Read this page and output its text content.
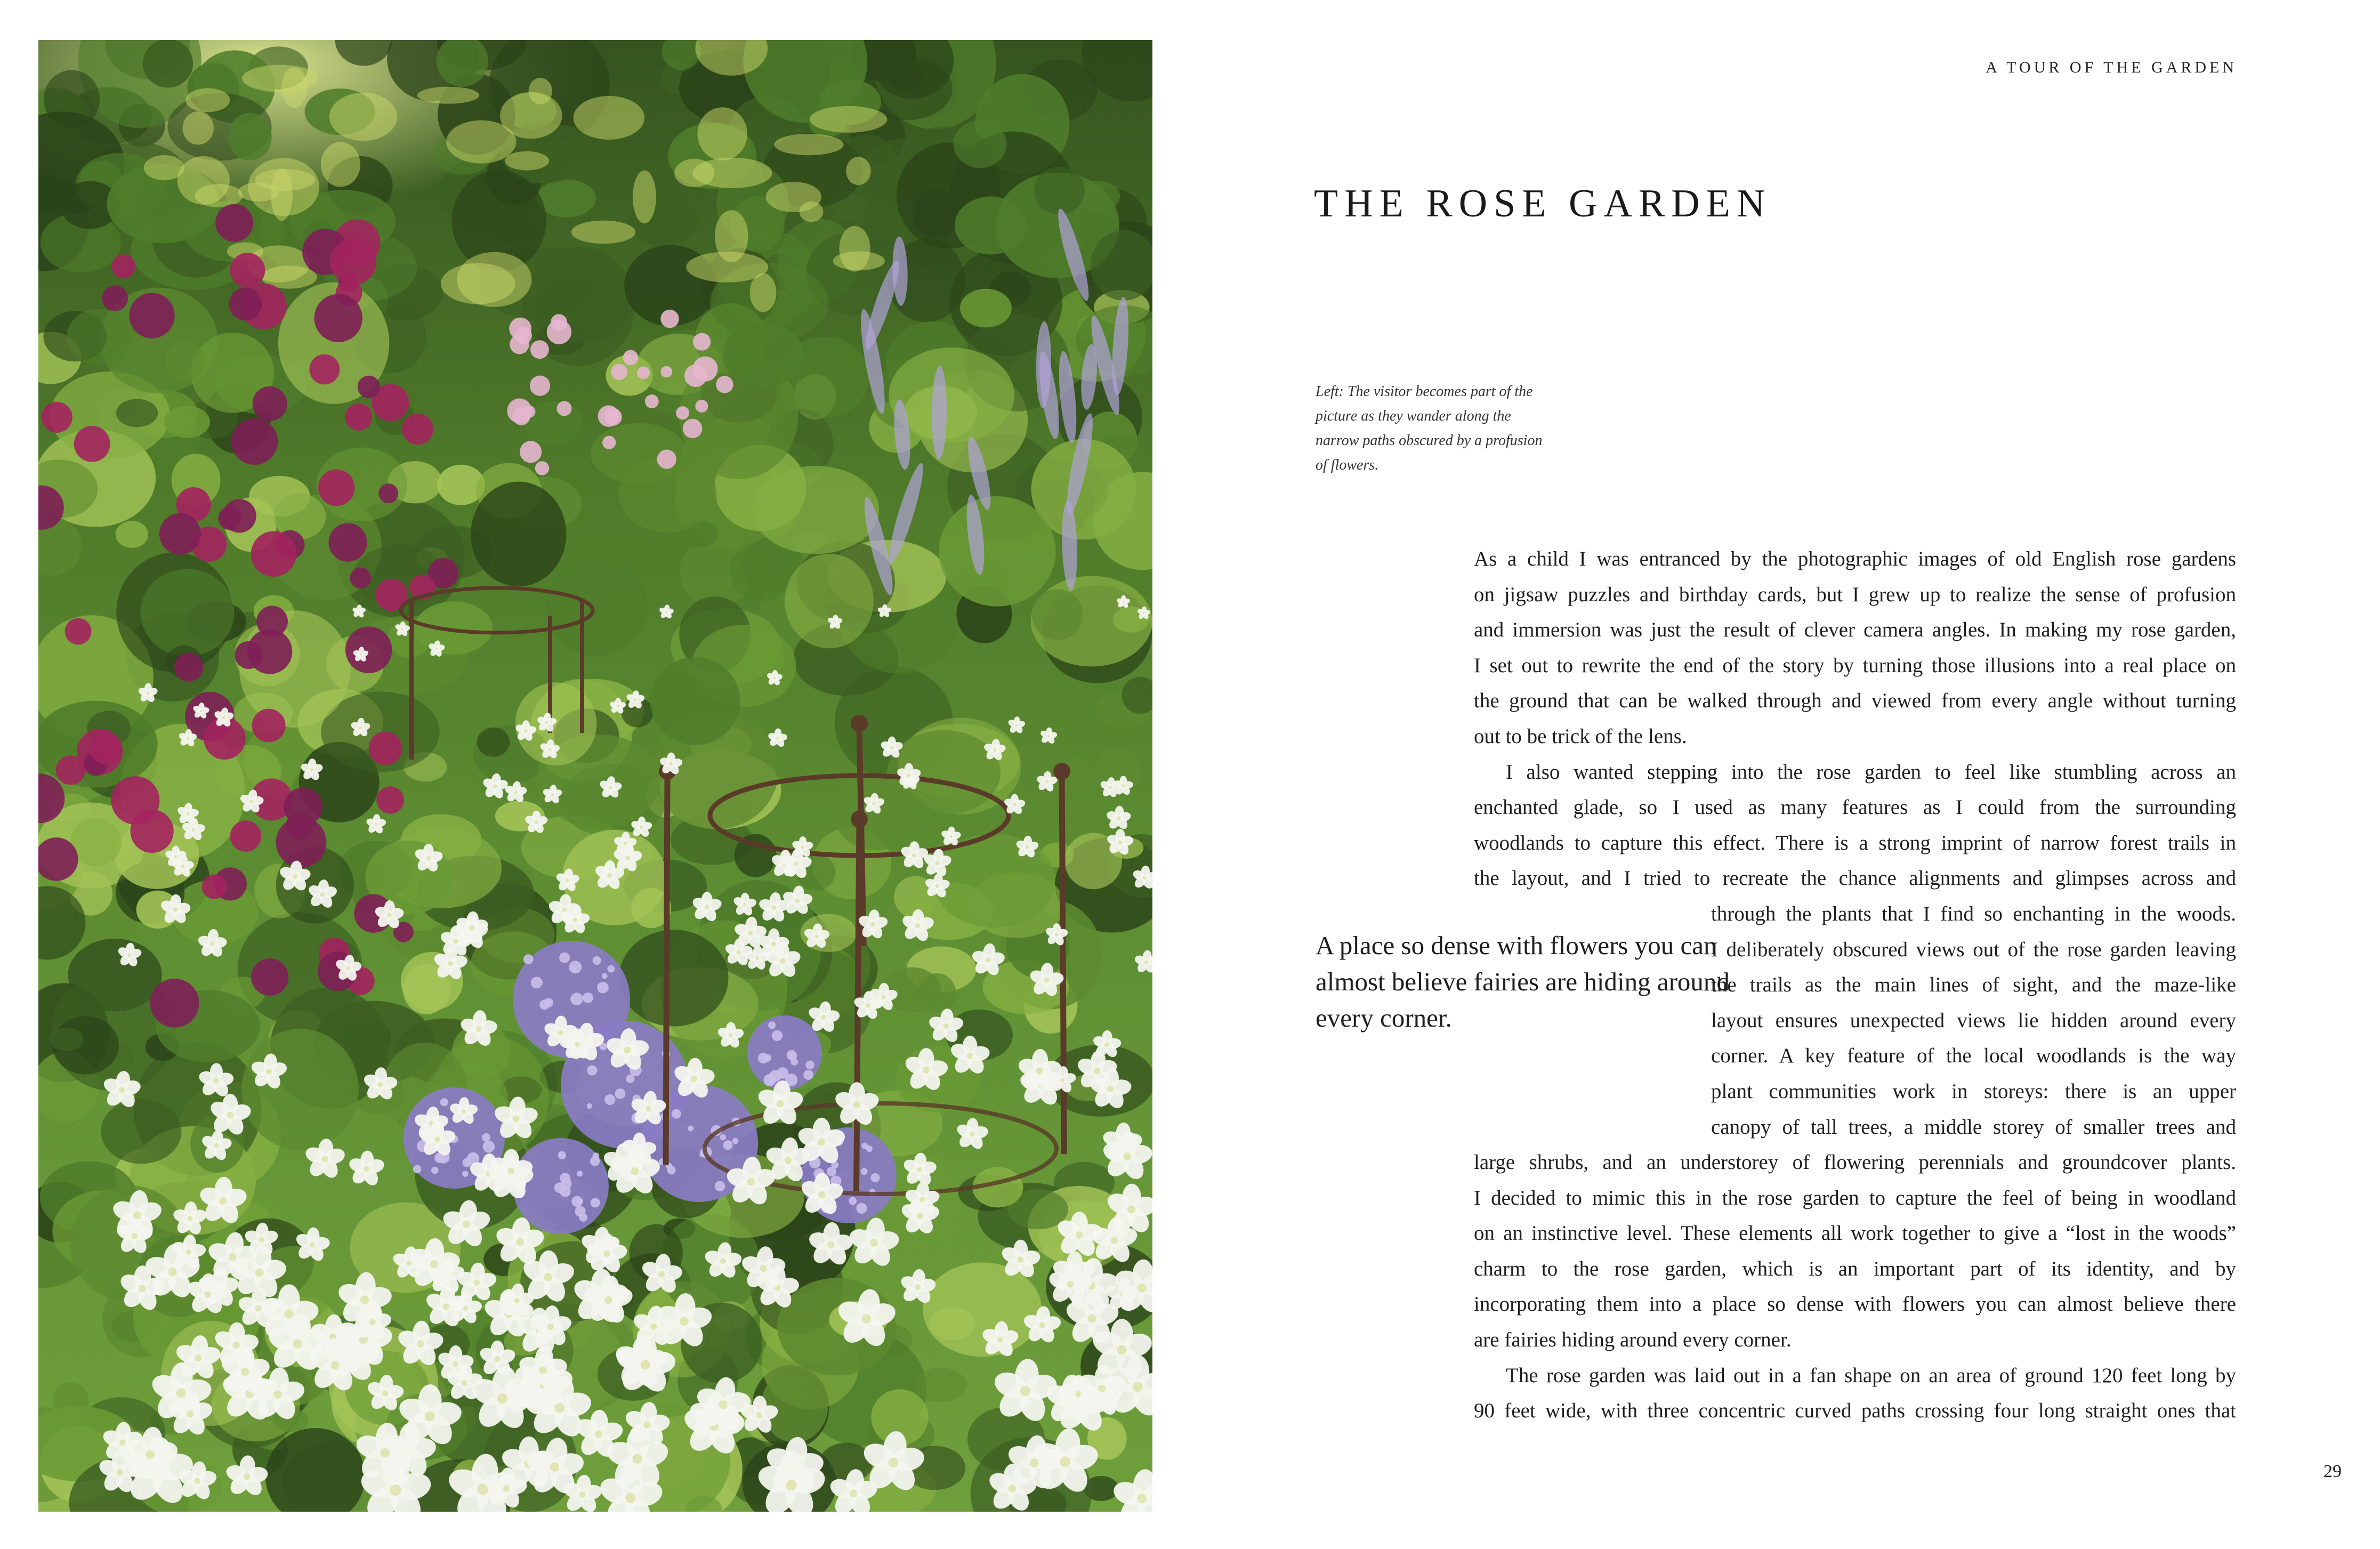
A TOUR OF THE GARDEN
THE ROSE GARDEN
Left: The visitor becomes part of the picture as they wander along the narrow paths obscured by a profusion of flowers.
A place so dense with flowers you can almost believe fairies are hiding around every corner.
As a child I was entranced by the photographic images of old English rose gardens
on jigsaw puzzles and birthday cards, but I grew up to realize the sense of profusion
and immersion was just the result of clever camera angles. In making my rose garden,
I set out to rewrite the end of the story by turning those illusions into a real place on
the ground that can be walked through and viewed from every angle without turning
out to be trick of the lens.
I also wanted stepping into the rose garden to feel like stumbling across an
enchanted glade, so I used as many features as I could from the surrounding
woodlands to capture this effect. There is a strong imprint of narrow forest trails in
the layout, and I tried to recreate the chance alignments and glimpses across and
through the plants that I find so enchanting in the woods.
I deliberately obscured views out of the rose garden leaving
the trails as the main lines of sight, and the maze-like
layout ensures unexpected views lie hidden around every
corner. A key feature of the local woodlands is the way
plant communities work in storeys: there is an upper
canopy of tall trees, a middle storey of smaller trees and
large shrubs, and an understorey of flowering perennials and groundcover plants.
I decided to mimic this in the rose garden to capture the feel of being in woodland
on an instinctive level. These elements all work together to give a “lost in the woods”
charm to the rose garden, which is an important part of its identity, and by
incorporating them into a place so dense with flowers you can almost believe there
are fairies hiding around every corner.
The rose garden was laid out in a fan shape on an area of ground 120 feet long by
90 feet wide, with three concentric curved paths crossing four long straight ones that
29
